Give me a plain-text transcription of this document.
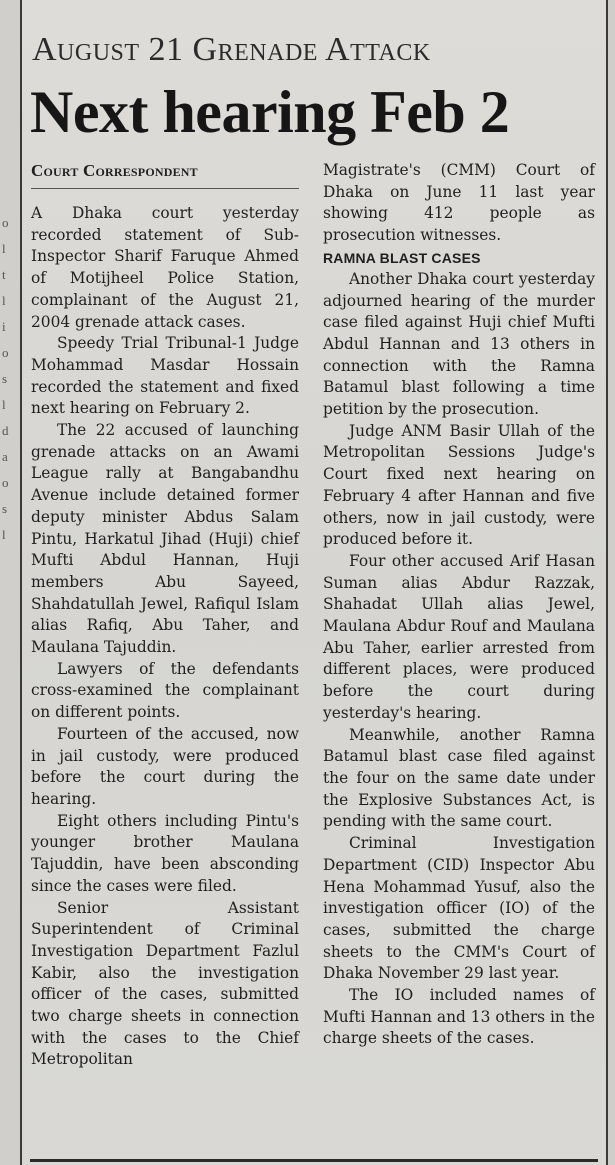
o
l
t
l
i
o
s
l
d
a
o
s
l
August 21 Grenade Attack
Next hearing Feb 2
Court Correspondent

A Dhaka court yesterday recorded statement of Sub-Inspector Sharif Faruque Ahmed of Motijheel Police Station, complainant of the August 21, 2004 grenade attack cases.

Speedy Trial Tribunal-1 Judge Mohammad Masdar Hossain recorded the statement and fixed next hearing on February 2.

The 22 accused of launching grenade attacks on an Awami League rally at Bangabandhu Avenue include detained former deputy minister Abdus Salam Pintu, Harkatul Jihad (Huji) chief Mufti Abdul Hannan, Huji members Abu Sayeed, Shahdatullah Jewel, Rafiqul Islam alias Rafiq, Abu Taher, and Maulana Tajuddin.

Lawyers of the defendants cross-examined the complainant on different points.

Fourteen of the accused, now in jail custody, were produced before the court during the hearing.

Eight others including Pintu's younger brother Maulana Tajuddin, have been absconding since the cases were filed.

Senior Assistant Superintendent of Criminal Investigation Department Fazlul Kabir, also the investigation officer of the cases, submitted two charge sheets in connection with the cases to the Chief Metropolitan

Magistrate's (CMM) Court of Dhaka on June 11 last year showing 412 people as prosecution witnesses.

RAMNA BLAST CASES

Another Dhaka court yesterday adjourned hearing of the murder case filed against Huji chief Mufti Abdul Hannan and 13 others in connection with the Ramna Batamul blast following a time petition by the prosecution.

Judge ANM Basir Ullah of the Metropolitan Sessions Judge's Court fixed next hearing on February 4 after Hannan and five others, now in jail custody, were produced before it.

Four other accused Arif Hasan Suman alias Abdur Razzak, Shahadat Ullah alias Jewel, Maulana Abdur Rouf and Maulana Abu Taher, earlier arrested from different places, were produced before the court during yesterday's hearing.

Meanwhile, another Ramna Batamul blast case filed against the four on the same date under the Explosive Substances Act, is pending with the same court.

Criminal Investigation Department (CID) Inspector Abu Hena Mohammad Yusuf, also the investigation officer (IO) of the cases, submitted the charge sheets to the CMM's Court of Dhaka November 29 last year.

The IO included names of Mufti Hannan and 13 others in the charge sheets of the cases.
